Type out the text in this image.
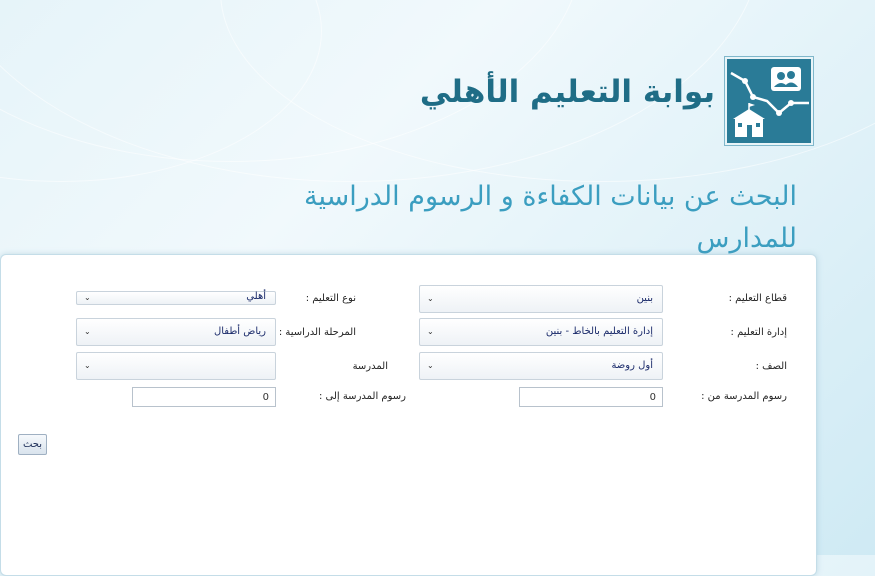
بوابة التعليم الأهلي
البحث عن بيانات الكفاءة و الرسوم الدراسية للمدارس
قطاع التعليم :
بنين
⌄
نوع التعليم :
أهلي
⌄
إدارة التعليم :
إدارة التعليم بالخاط - بنين
⌄
المرحلة الدراسية :
رياض أطفال
⌄
الصف :
أول روضة
⌄
المدرسة
⌄
رسوم المدرسة من :
0
رسوم المدرسة إلى :
0
بحث
